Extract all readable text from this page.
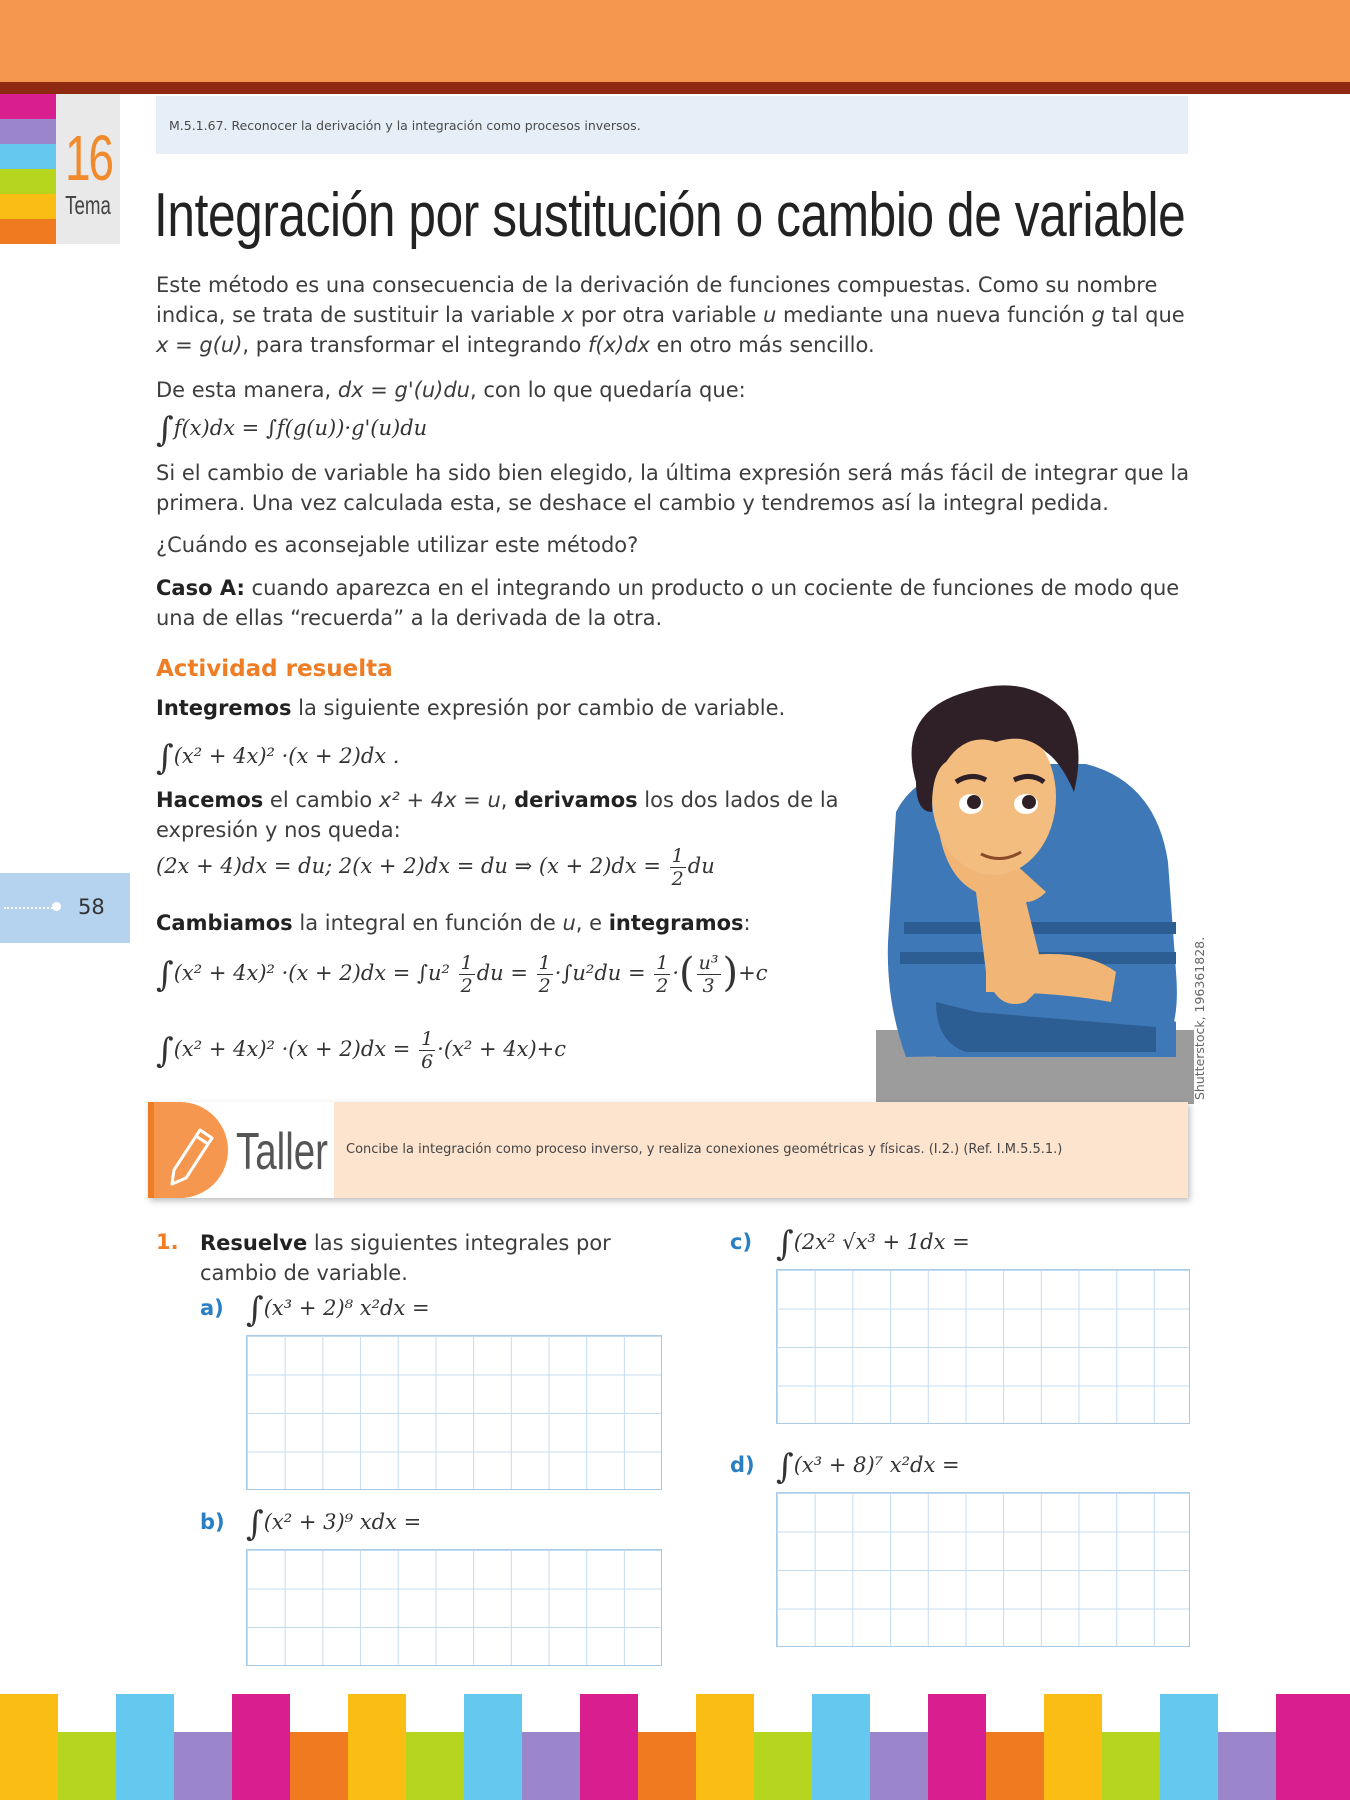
16
Tema
M.5.1.67. Reconocer la derivación y la integración como procesos inversos.
Integración por sustitución o cambio de variable

Este método es una consecuencia de la derivación de funciones compuestas. Como su nombre indica, se trata de sustituir la variable x por otra variable u mediante una nueva función g tal que x = g(u), para transformar el integrando f(x)dx en otro más sencillo.

De esta manera, dx = g'(u)du, con lo que quedaría que:

∫f(x)dx = ∫f(g(u))·g'(u)du

Si el cambio de variable ha sido bien elegido, la última expresión será más fácil de integrar que la primera. Una vez calculada esta, se deshace el cambio y tendremos así la integral pedida.

¿Cuándo es aconsejable utilizar este método?

Caso A: cuando aparezca en el integrando un producto o un cociente de funciones de modo que una de ellas “recuerda” a la derivada de la otra.

Actividad resuelta

Integremos la siguiente expresión por cambio de variable.

∫(x² + 4x)² ·(x + 2)dx .

Hacemos el cambio x² + 4x = u, derivamos los dos lados de la expresión y nos queda:

(2x + 4)dx = du; 2(x + 2)dx = du ⇒ $(x + 2)dx = \frac{1}{2}$ du

Cambiamos la integral en función de u, e integramos:

$\int(x^2 + 4x)^2 \cdot(x + 2)dx = \int u^2 \frac{1}{2}$ du = $\frac{1}{2} \cdot\int u^2du = \frac{1}{2}$ ·( $\frac{\text{u³}}{3} )+c$
$\int(x^2 + 4x)^2 \cdot(x + 2)dx = \frac{1}{6} \cdot(x^2 + 4x)+c$
58
Shutterstock, 196361828.
Taller Concibe la integración como proceso inverso, y realiza conexiones geométricas y físicas. (I.2.) (Ref. I.M.5.5.1.)
1. Resuelve las siguientes integrales por cambio de variable.
a) ∫(x³ + 2)⁸ x²dx =
b) ∫(x² + 3)⁹ xdx =
c) ∫(2x² √x³ + 1dx =
d) ∫(x³ + 8)⁷ x²dx =
